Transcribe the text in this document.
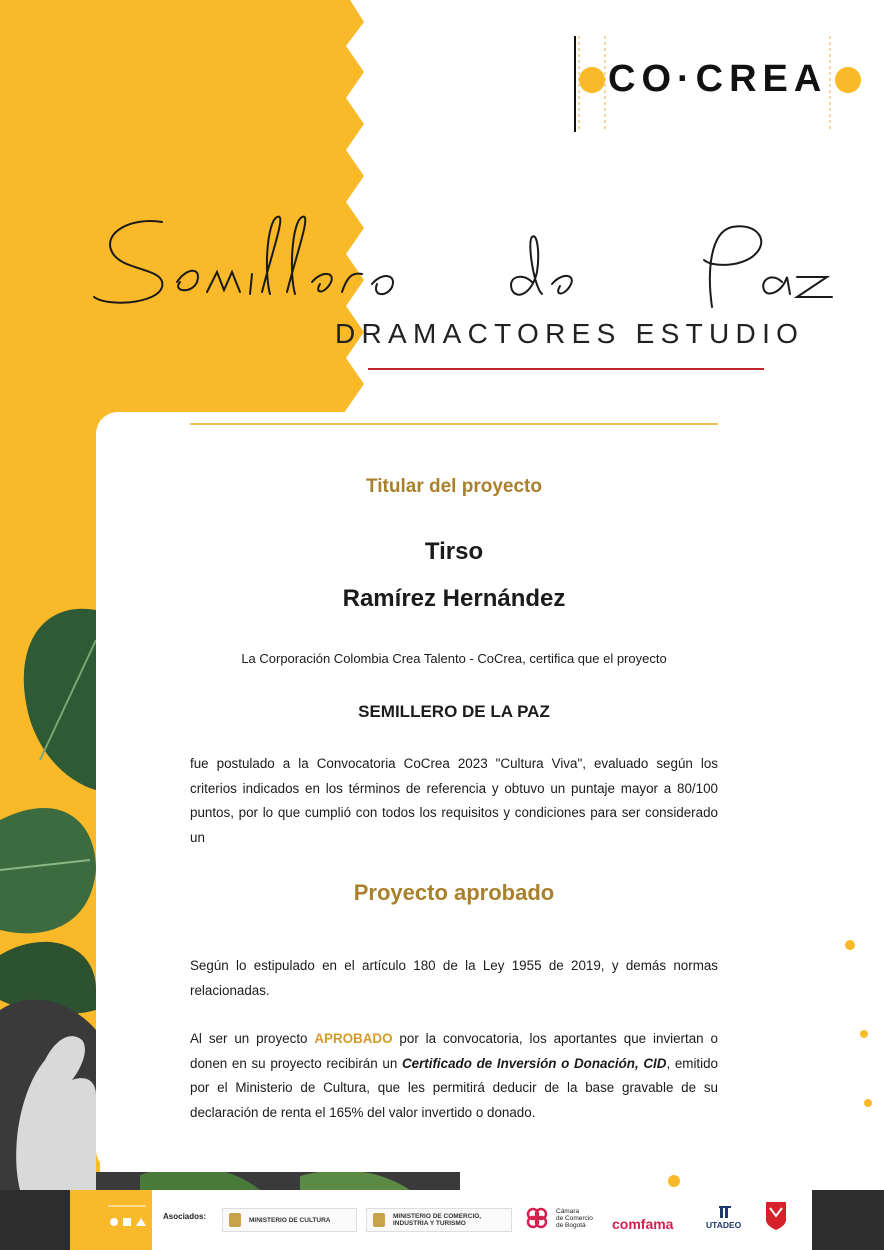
CO·CREA
DRAMACTORES ESTUDIO
Titular del proyecto
Tirso
Ramírez Hernández
La Corporación Colombia Crea Talento - CoCrea, certifica que el proyecto
SEMILLERO DE LA PAZ

fue postulado a la Convocatoria CoCrea 2023 "Cultura Viva", evaluado según los criterios indicados en los términos de referencia y obtuvo un puntaje mayor a 80/100 puntos, por lo que cumplió con todos los requisitos y condiciones para ser considerado un

Proyecto aprobado

Según lo estipulado en el artículo 180 de la Ley 1955 de 2019, y demás normas relacionadas.

Al ser un proyecto APROBADO por la convocatoria, los aportantes que inviertan o donen en su proyecto recibirán un Certificado de Inversión o Donación, CID, emitido por el Ministerio de Cultura, que les permitirá deducir de la base gravable de su declaración de renta el 165% del valor invertido o donado.

Asociados:	MINISTERIO DE CULTURA	MINISTERIO DE COMERCIO,
INDUSTRIA Y TURISMO
Cámara
de Comercio
de Bogotá	comfama	UTADEO
